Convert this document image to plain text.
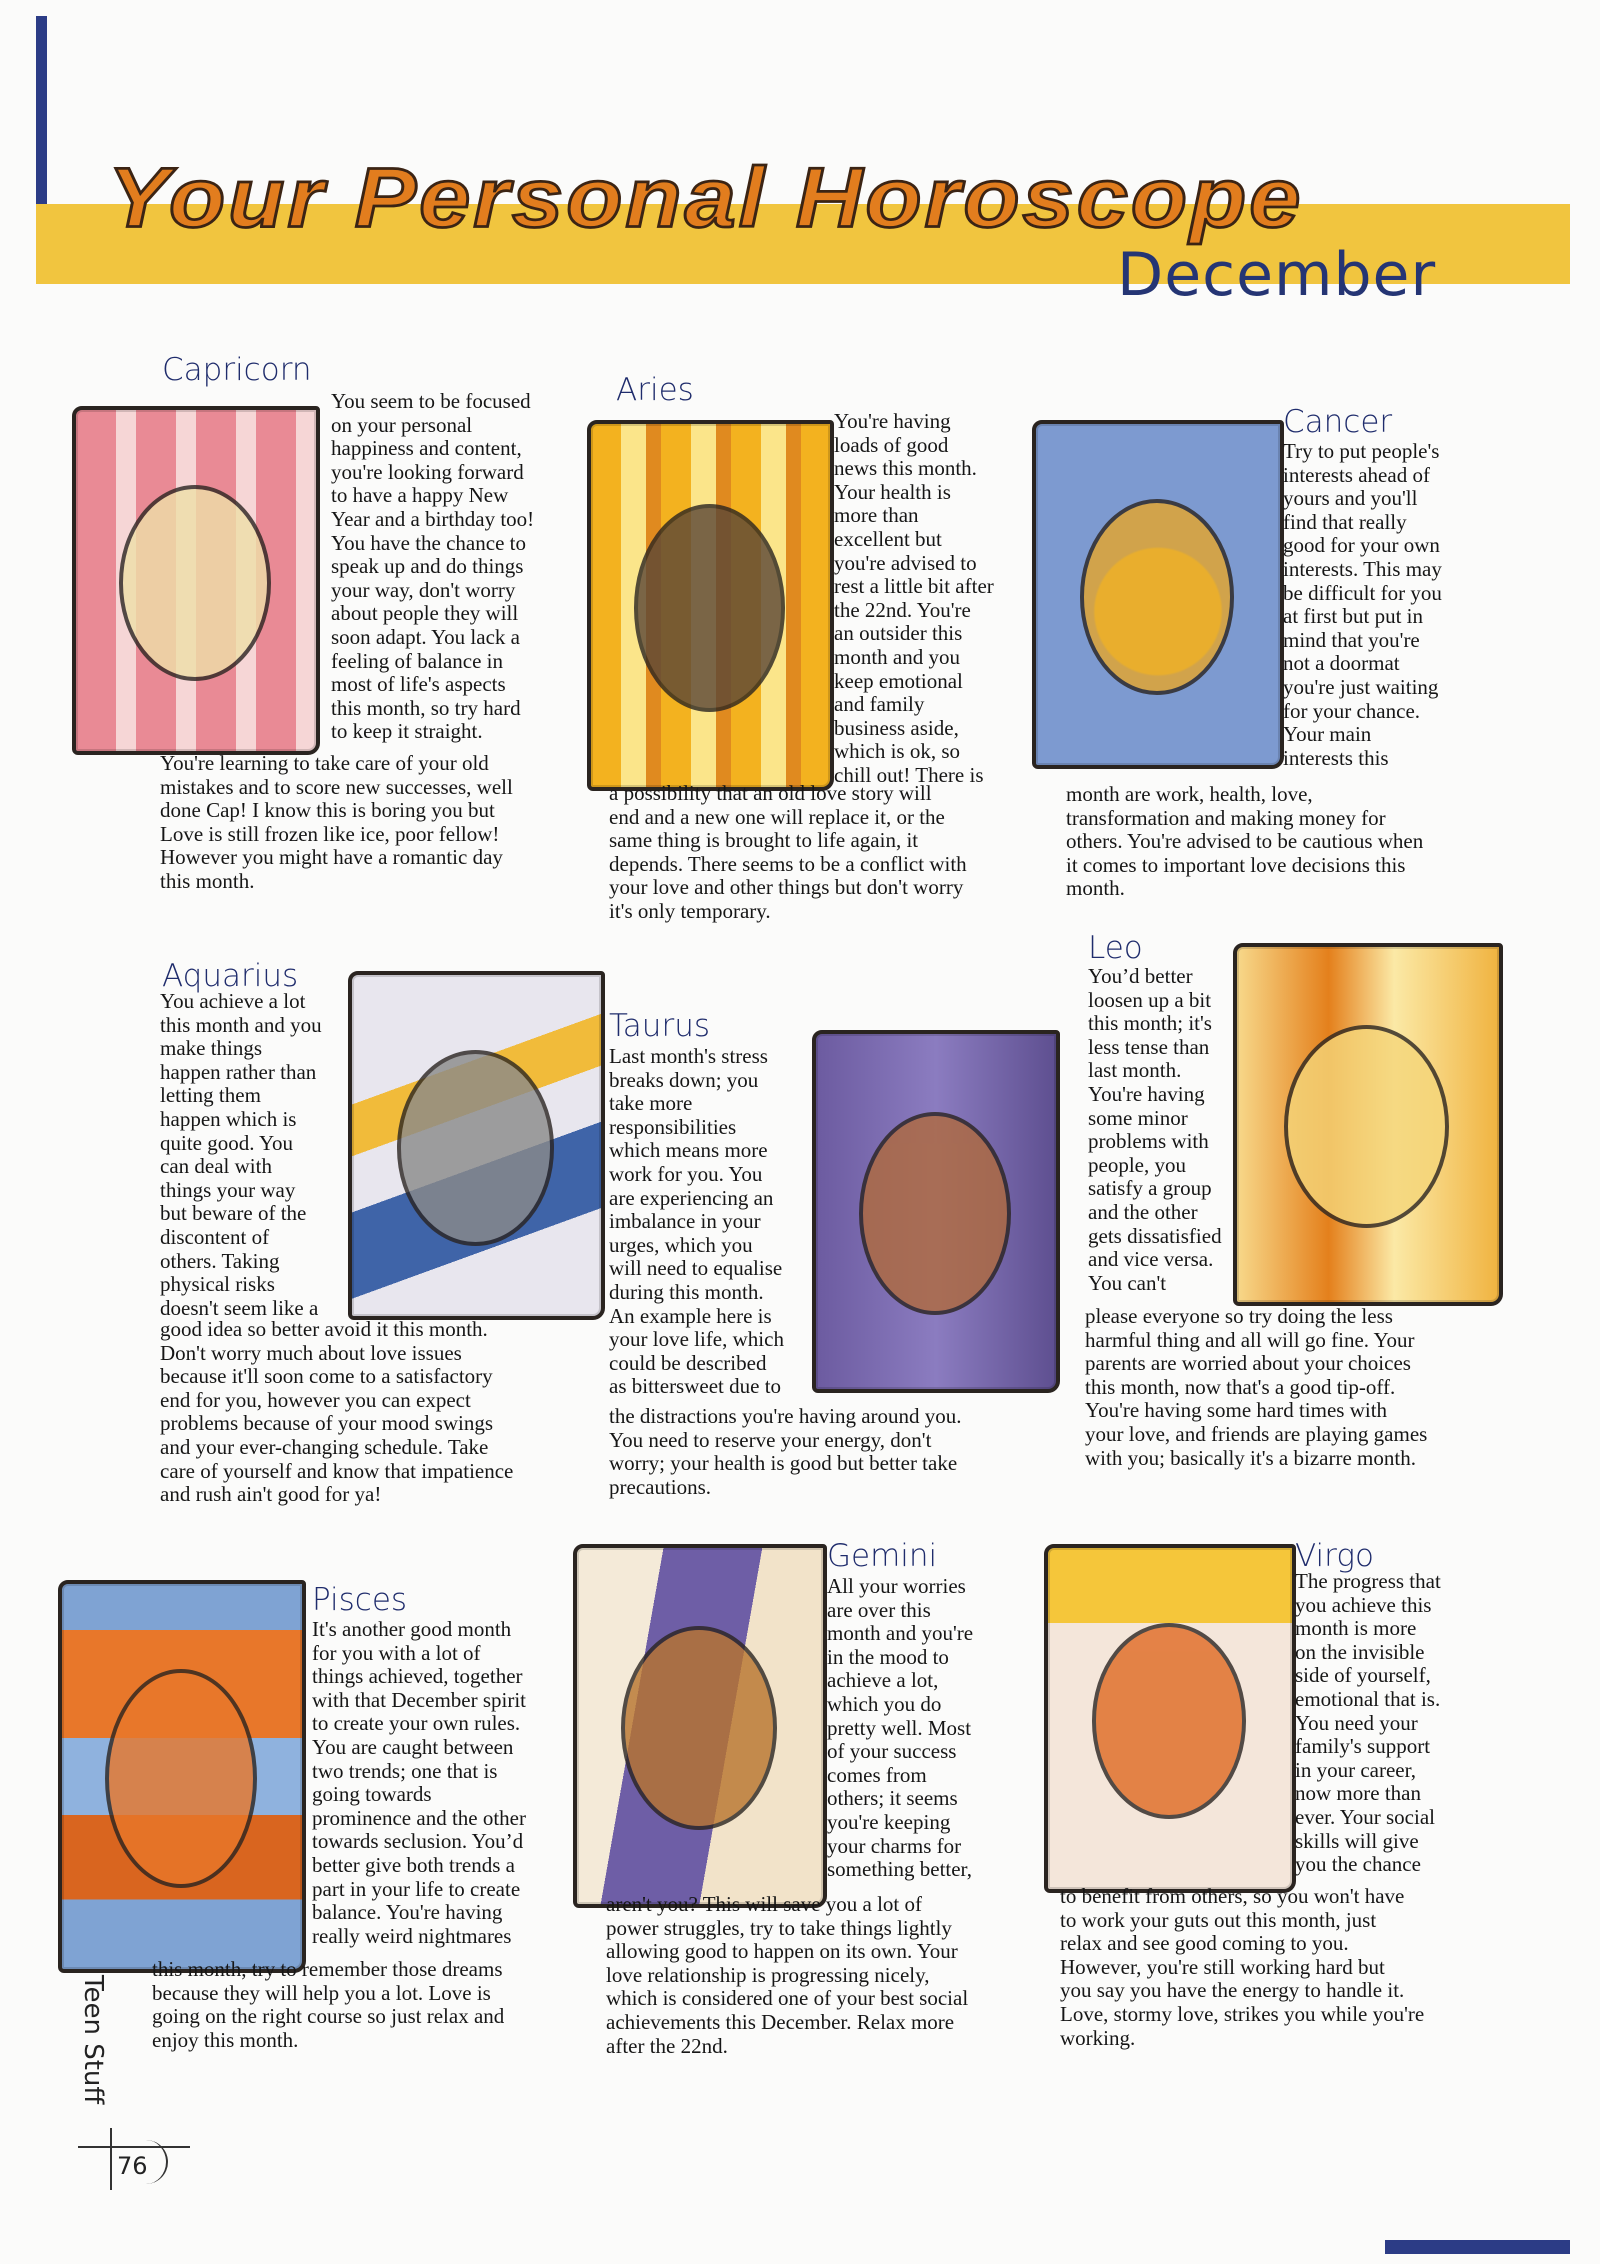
Your Personal Horoscope
December
Capricorn

You seem to be focused
on your personal
happiness and content,
you're looking forward
to have a happy New
Year and a birthday too!
You have the chance to
speak up and do things
your way, don't worry
about people they will
soon adapt. You lack a
feeling of balance in
most of life's aspects
this month, so try hard
to keep it straight.

You're learning to take care of your old
mistakes and to score new successes, well
done Cap! I know this is boring you but
Love is still frozen like ice, poor fellow!
However you might have a romantic day
this month.

Aries

You're having
loads of good
news this month.
Your health is
more than
excellent but
you're advised to
rest a little bit after
the 22nd. You're
an outsider this
month and you
keep emotional
and family
business aside,
which is ok, so
chill out! There is

a possibility that an old love story will
end and a new one will replace it, or the
same thing is brought to life again, it
depends. There seems to be a conflict with
your love and other things but don't worry
it's only temporary.

Cancer

Try to put people's
interests ahead of
yours and you'll
find that really
good for your own
interests. This may
be difficult for you
at first but put in
mind that you're
not a doormat
you're just waiting
for your chance.
Your main
interests this

month are work, health, love,
transformation and making money for
others. You're advised to be cautious when
it comes to important love decisions this
month.

Aquarius

You achieve a lot
this month and you
make things
happen rather than
letting them
happen which is
quite good. You
can deal with
things your way
but beware of the
discontent of
others. Taking
physical risks
doesn't seem like a

good idea so better avoid it this month.
Don't worry much about love issues
because it'll soon come to a satisfactory
end for you, however you can expect
problems because of your mood swings
and your ever-changing schedule. Take
care of yourself and know that impatience
and rush ain't good for ya!

Taurus

Last month's stress
breaks down; you
take more
responsibilities
which means more
work for you. You
are experiencing an
imbalance in your
urges, which you
will need to equalise
during this month.
An example here is
your love life, which
could be described
as bittersweet due to

the distractions you're having around you.
You need to reserve your energy, don't
worry; your health is good but better take
precautions.

Leo

You’d better
loosen up a bit
this month; it's
less tense than
last month.
You're having
some minor
problems with
people, you
satisfy a group
and the other
gets dissatisfied
and vice versa.
You can't

please everyone so try doing the less
harmful thing and all will go fine. Your
parents are worried about your choices
this month, now that's a good tip-off.
You're having some hard times with
your love, and friends are playing games
with you; basically it's a bizarre month.

Pisces

It's another good month
for you with a lot of
things achieved, together
with that December spirit
to create your own rules.
You are caught between
two trends; one that is
going towards
prominence and the other
towards seclusion. You’d
better give both trends a
part in your life to create
balance. You're having
really weird nightmares

this month, try to remember those dreams
because they will help you a lot. Love is
going on the right course so just relax and
enjoy this month.

Gemini

All your worries
are over this
month and you're
in the mood to
achieve a lot,
which you do
pretty well. Most
of your success
comes from
others; it seems
you're keeping
your charms for
something better,

aren't you? This will save you a lot of
power struggles, try to take things lightly
allowing good to happen on its own. Your
love relationship is progressing nicely,
which is considered one of your best social
achievements this December. Relax more
after the 22nd.

Virgo

The progress that
you achieve this
month is more
on the invisible
side of yourself,
emotional that is.
You need your
family's support
in your career,
now more than
ever. Your social
skills will give
you the chance

to benefit from others, so you won't have
to work your guts out this month, just
relax and see good coming to you.
However, you're still working hard but
you say you have the energy to handle it.
Love, stormy love, strikes you while you're
working.

Teen Stuff
76
